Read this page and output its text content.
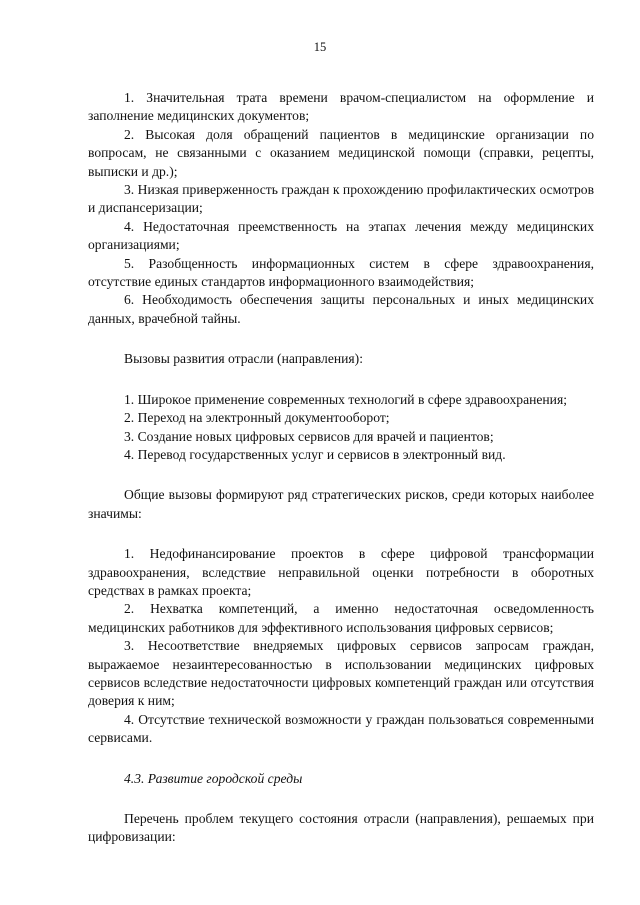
15

1. Значительная трата времени врачом-специалистом на оформление и заполнение медицинских документов;

2. Высокая доля обращений пациентов в медицинские организации по вопросам, не связанными с оказанием медицинской помощи (справки, рецепты, выписки и др.);

3. Низкая приверженность граждан к прохождению профилактических осмотров и диспансеризации;

4. Недостаточная преемственность на этапах лечения между медицинских организациями;

5. Разобщенность информационных систем в сфере здравоохранения, отсутствие единых стандартов информационного взаимодействия;

6. Необходимость обеспечения защиты персональных и иных медицинских данных, врачебной тайны.

Вызовы развития отрасли (направления):

1. Широкое применение современных технологий в сфере здравоохранения;

2. Переход на электронный документооборот;

3. Создание новых цифровых сервисов для врачей и пациентов;

4. Перевод государственных услуг и сервисов в электронный вид.

Общие вызовы формируют ряд стратегических рисков, среди которых наиболее значимы:

1. Недофинансирование проектов в сфере цифровой трансформации здравоохранения, вследствие неправильной оценки потребности в оборотных средствах в рамках проекта;

2. Нехватка компетенций, а именно недостаточная осведомленность медицинских работников для эффективного использования цифровых сервисов;

3. Несоответствие внедряемых цифровых сервисов запросам граждан, выражаемое незаинтересованностью в использовании медицинских цифровых сервисов вследствие недостаточности цифровых компетенций граждан или отсутствия доверия к ним;

4. Отсутствие технической возможности у граждан пользоваться современными сервисами.

4.3. Развитие городской среды

Перечень проблем текущего состояния отрасли (направления), решаемых при цифровизации:
